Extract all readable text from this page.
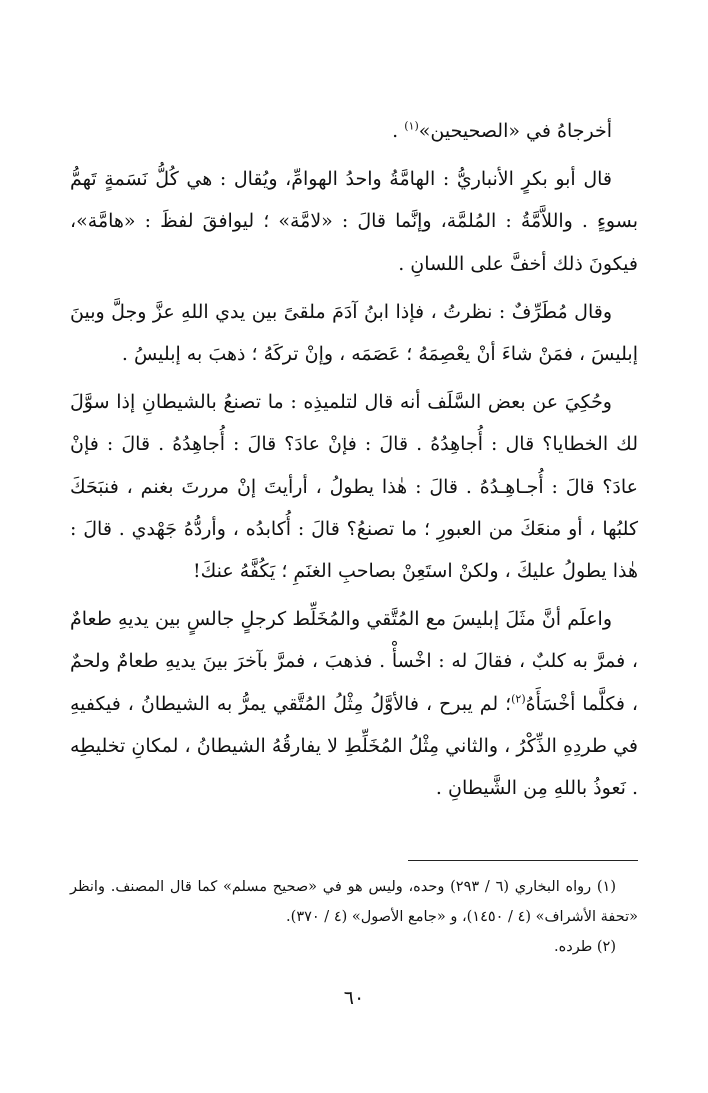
أخرجاهُ في «الصحيحين»$^{(١)}$ .

قال أبو بكرٍ الأنباريُّ : الهامَّةُ واحدُ الهوامِّ، ويُقال : هي كُلُّ نَسَمةٍ تَهمُّ بسوءٍ . واللاَّمَّةُ : المُلمَّة، وإنَّما قالَ : «لامَّة» ؛ ليوافقَ لفظَ : «هامَّة»، فيكونَ ذلك أخفَّ على اللسانِ .

وقال مُطَرِّفٌ : نظرتُ ، فإذا ابنُ آدَمَ ملقىً بين يدي اللهِ عزَّ وجلَّ وبينَ إبليسَ ، فمَنْ شاءَ أنْ يعْصِمَهُ ؛ عَصَمَه ، وإنْ تركَهُ ؛ ذهبَ به إبليسُ .

وحُكِيَ عن بعض السَّلَف أنه قال لتلميذِه : ما تصنعُ بالشيطانِ إذا سوَّلَ لك الخطايا؟ قال : أُجاهِدُهُ . قالَ : فإنْ عادَ؟ قالَ : أُجاهِدُهُ . قالَ : فإنْ عادَ؟ قالَ : أُجـاهِـدُهُ . قالَ : هٰذا يطولُ ، أرأيتَ إنْ مررتَ بغنم ، فنبَحَكَ كلبُها ، أو منعَكَ من العبورِ ؛ ما تصنعُ؟ قالَ : أُكابدُه ، وأردُّهُ جَهْدي . قالَ : هٰذا يطولُ عليكَ ، ولكنْ استَعِنْ بصاحبِ الغنَمِ ؛ يَكُفَّهُ عنكَ!

واعلَم أنَّ مثَلَ إبليسَ مع المُتَّقي والمُخَلِّط كرجلٍ جالسٍ بين يديهِ طعامٌ ، فمرَّ به كلبٌ ، فقالَ له : اخْسأْ . فذهبَ ، فمرَّ بآخرَ بينَ يديهِ طعامٌ ولحمٌ ، فكلَّما أخْسَأَهُ$^{(٢)}$؛ لم يبرح ، فالأوَّلُ مِثْلُ المُتَّقي يمرُّ به الشيطانُ ، فيكفيهِ في طردِهِ الذِّكْرُ ، والثاني مِثْلُ المُخَلِّطِ لا يفارقُهُ الشيطانُ ، لمكانِ تخليطِه . نَعوذُ باللهِ مِن الشَّيطانِ .

(١) رواه البخاري (٦ / ٢٩٣) وحده، وليس هو في «صحيح مسلم» كما قال المصنف. وانظر «تحفة الأشراف» (٤ / ١٤٥٠)، و «جامع الأصول» (٤ / ٣٧٠).

(٢) طرده.

٦٠
